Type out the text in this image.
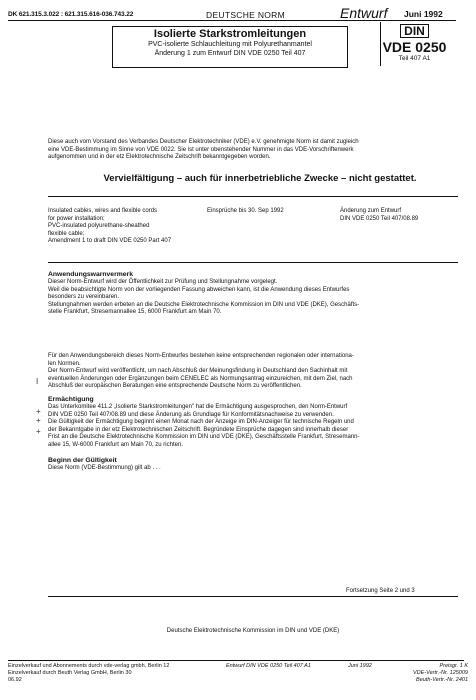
DK 621.315.3.022 : 621.315.616-036.743.22	DEUTSCHE NORM	Entwurf Juni 1992
Isolierte Starkstromleitungen
PVC-isolierte Schlauchleitung mit Polyurethanmantel
Änderung 1 zum Entwurf DIN VDE 0250 Teil 407
DIN
VDE 0250
Teil 407 A1
Diese auch vom Vorstand des Verbandes Deutscher Elektrotechniker (VDE) e.V. genehmigte Norm ist damit zugleich
eine VDE-Bestimmung im Sinne von VDE 0022. Sie ist unter obenstehender Nummer in das VDE-Vorschriftenwerk
aufgenommen und in der etz Elektrotechnische Zeitschrift bekanntgegeben worden.
Vervielfältigung – auch für innerbetriebliche Zwecke – nicht gestattet.
Insulated cables, wires and flexible cords
for power installation;
PVC-insulated polyurethane-sheathed
flexible cable;
Amendment 1 to draft DIN VDE 0250 Part 407
Einsprüche bis 30. Sep 1992	Änderung zum Entwurf
DIN VDE 0250 Teil 407/08.89
Anwendungswarnvermerk
Dieser Norm-Entwurf wird der Öffentlichkeit zur Prüfung und Stellungnahme vorgelegt.
Weil die beabsichtigte Norm von der vorliegenden Fassung abweichen kann, ist die Anwendung dieses Entwurfes
besonders zu vereinbaren.
Stellungnahmen werden erbeten an die Deutsche Elektrotechnische Kommission im DIN und VDE (DKE), Geschäfts-
stelle Frankfurt, Stresemannallee 15, 6000 Frankfurt am Main 70.
Für den Anwendungsbereich dieses Norm-Entwurfes bestehen keine entsprechenden regionalen oder internationa-
len Normen.
Der Norm-Entwurf wird veröffentlicht, um nach Abschluß der Meinungsfindung in Deutschland den Sachinhalt mit
eventuellen Änderungen oder Ergänzungen beim CENELEC als Normungsantrag einzureichen, mit dem Ziel, nach
Abschluß der europäischen Beratungen eine entsprechende Deutsche Norm zu veröffentlichen.
Ermächtigung
Das Unterkomitee 411.2 „Isolierte Starkstromleitungen" hat die Ermächtigung ausgesprochen, den Norm-Entwurf
DIN VDE 0250 Teil 407/08.89 und diese Änderung als Grundlage für Konformitätsnachweise zu verwenden.
Die Gültigkeit der Ermächtigung beginnt einen Monat nach der Anzeige im DIN-Anzeiger für technische Regeln und
der Bekanntgabe in der etz Elektrotechnischen Zeitschrift. Begründete Einsprüche dagegen sind innerhalb dieser
Frist an die Deutsche Elektrotechnische Kommission im DIN und VDE (DKE), Geschäftsstelle Frankfurt, Stresemann-
allee 15, W-6000 Frankfurt am Main 70, zu richten.
Beginn der Gültigkeit
Diese Norm (VDE-Bestimmung) gilt ab . . .
I
+
+
+
Fortsetzung Seite 2 und 3
Deutsche Elektrotechnische Kommission im DIN und VDE (DKE)
Einzelverkauf und Abonnements durch vde-verlag gmbh, Berlin 12
Einzelverkauf durch Beuth Verlag GmbH, Berlin 30
06.92
Entwurf DIN VDE 0250 Teil 407 A1	Juni 1992	Preisgr. 1 K
VDE-Vertr.-Nr. 125009
Beuth-Vertr.-Nr. 2401
